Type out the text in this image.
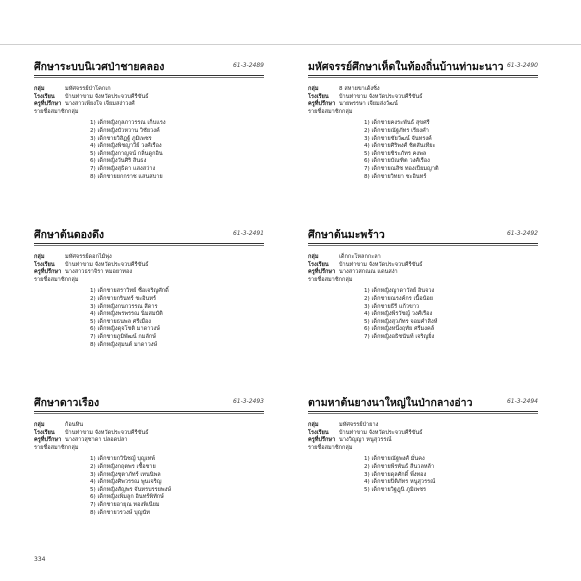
ศึกษาระบบนิเวศป่าชายคลอง	61-3-2489
กลุ่ม	มหัศจรรย์ป่าโคกเก
โรงเรียน	บ้านท่าขาม จังหวัดประจวบคีรีขันธ์
ครูที่ปรึกษา นางสาวเพียงใจ เจียมสง่าวงศ์
รายชื่อสมาชิกกลุ่ม
1) เด็กหญิงกุลภาวรรณ เก็บแรง
2) เด็กหญิงบัวหวาน วิชัยวงค์
3) เด็กชายวิสิฏฐ์ ภูมิเพชร
4) เด็กหญิงพิชญาวีย์ วงศ์เรือง
5) เด็กหญิงกาญจน์ กลิ่นดูกอิน
6) เด็กหญิงวันศิริ สินธง
7) เด็กหญิงสุธิดา แสงสว่าง
8) เด็กชายยกกราช แสนสบาย
มหัศจรรย์ศึกษาเห็ดในท้องถิ่นบ้านท่ามะนาว 61-3-2490
กลุ่ม	8 สหายขาเด้งซิ่ง
โรงเรียน	บ้านท่าขาม จังหวัดประจวบคีรีขันธ์
ครูที่ปรึกษา นายพรรษา เจียมส่งวัฒน์
รายชื่อสมาชิกกลุ่ม
1) เด็กชายคงระพันธ์ สุขศรี
2) เด็กชายณัฐภัทร เรียงคำ
3) เด็กชายชัยวัฒน์ จันทรงค์
4) เด็กชายศิริพงศ์ ชิตสันเทียะ
5) เด็กชายชิระภัทร คงพล
6) เด็กชายบัณฑิต วงศ์เรือง
7) เด็กชายณสิช ทองเปียมญาติ
8) เด็กชายวิทยา ชะอินทร์
ศึกษาต้นดองดึง	61-3-2491
กลุ่ม	มหัศจรรย์ดอกไม้พุ่ง
โรงเรียน	บ้านท่าขาม จังหวัดประจวบคีรีขันธ์
ครูที่ปรึกษา นางสาวธราจิรา หมอยาทอง
รายชื่อสมาชิกกลุ่ม
1) เด็กชายสราวิทย์ ซื่อเจริญศักดิ์
2) เด็กชายกรินทร์ ชะอินทร์
3) เด็กหญิงกนกวรรณ สีดาร
4) เด็กหญิงพรพรรณ นิ่มสมบัติ
5) เด็กชายธนพล ศรีเมือง
6) เด็กหญิงดุจโชติ มาดาวงษ์
7) เด็กชายภูมิพัฒน์ กมลักษ์
8) เด็กหญิงสุมนต์ มาดาวงษ์
ศึกษาต้นมะพร้าว	61-3-2492
กลุ่ม	เด็กกะโหลกกะลา
โรงเรียน	บ้านท่าขาม จังหวัดประจวบคีรีขันธ์
ครูที่ปรึกษา นางสาวสกณณ แดนสง่า
รายชื่อสมาชิกกลุ่ม
1) เด็กหญิงญาดาวัลย์ อินจวง
2) เด็กชายณรงค์กร เนื้อน้อย
3) เด็กชายธีรี แก้วขาว
4) เด็กหญิงพีรวัชญ์ วงศ์เรือง
5) เด็กหญิงสุวภัทร จอมคำสิงห์
6) เด็กหญิงหนึ่งฤทัย ศรีมงคล์
7) เด็กหญิงอธิชนันท์ เจริญยิ่ง
ศึกษาดาวเรือง	61-3-2493
กลุ่ม	ก้อนหิน
โรงเรียน	บ้านท่าขาม จังหวัดประจวบคีรีขันธ์
ครูที่ปรึกษา นางสาวสุชาดา ปลอดปลา
รายชื่อสมาชิกกลุ่ม
1) เด็กชายกวินิชญ์ บุญเทพ์
2) เด็กหญิงกฤตพร เชื้อชาย
3) เด็กหญิงชุตาภัทร์ เทนนิพล
4) เด็กหญิงศิพวรรณ พูนเจริญ
5) เด็กหญิงสัญพร จันทรบรรยพงษ์
6) เด็กหญิงเพิ่มลูก อินทร์พิทักษ์
7) เด็กชายอายุณ ทองพิเนียม
8) เด็กชายวรวงษ์ บุญนัท
ตามหาต้นยางนาใหญ่ในป่ากลางอ่าว	61-3-2494
กลุ่ม	มหัศจรรย์ป่ายาง
โรงเรียน	บ้านท่าขาม จังหวัดประจวบคีรีขันธ์
ครูที่ปรึกษา นางวิญญา หนูสุวรรณ์
รายชื่อสมาชิกกลุ่ม
1) เด็กชายณัฐพงศ์ มั่นคง
2) เด็กชายพีรพันธ์ สีนวลหล้า
3) เด็กชายดุลศักดิ์ พึ่งทอง
4) เด็กชายปิติภัทร หนูสุวรรณ์
5) เด็กชายวิฐฎุนิ ภูมิเพชร
334
